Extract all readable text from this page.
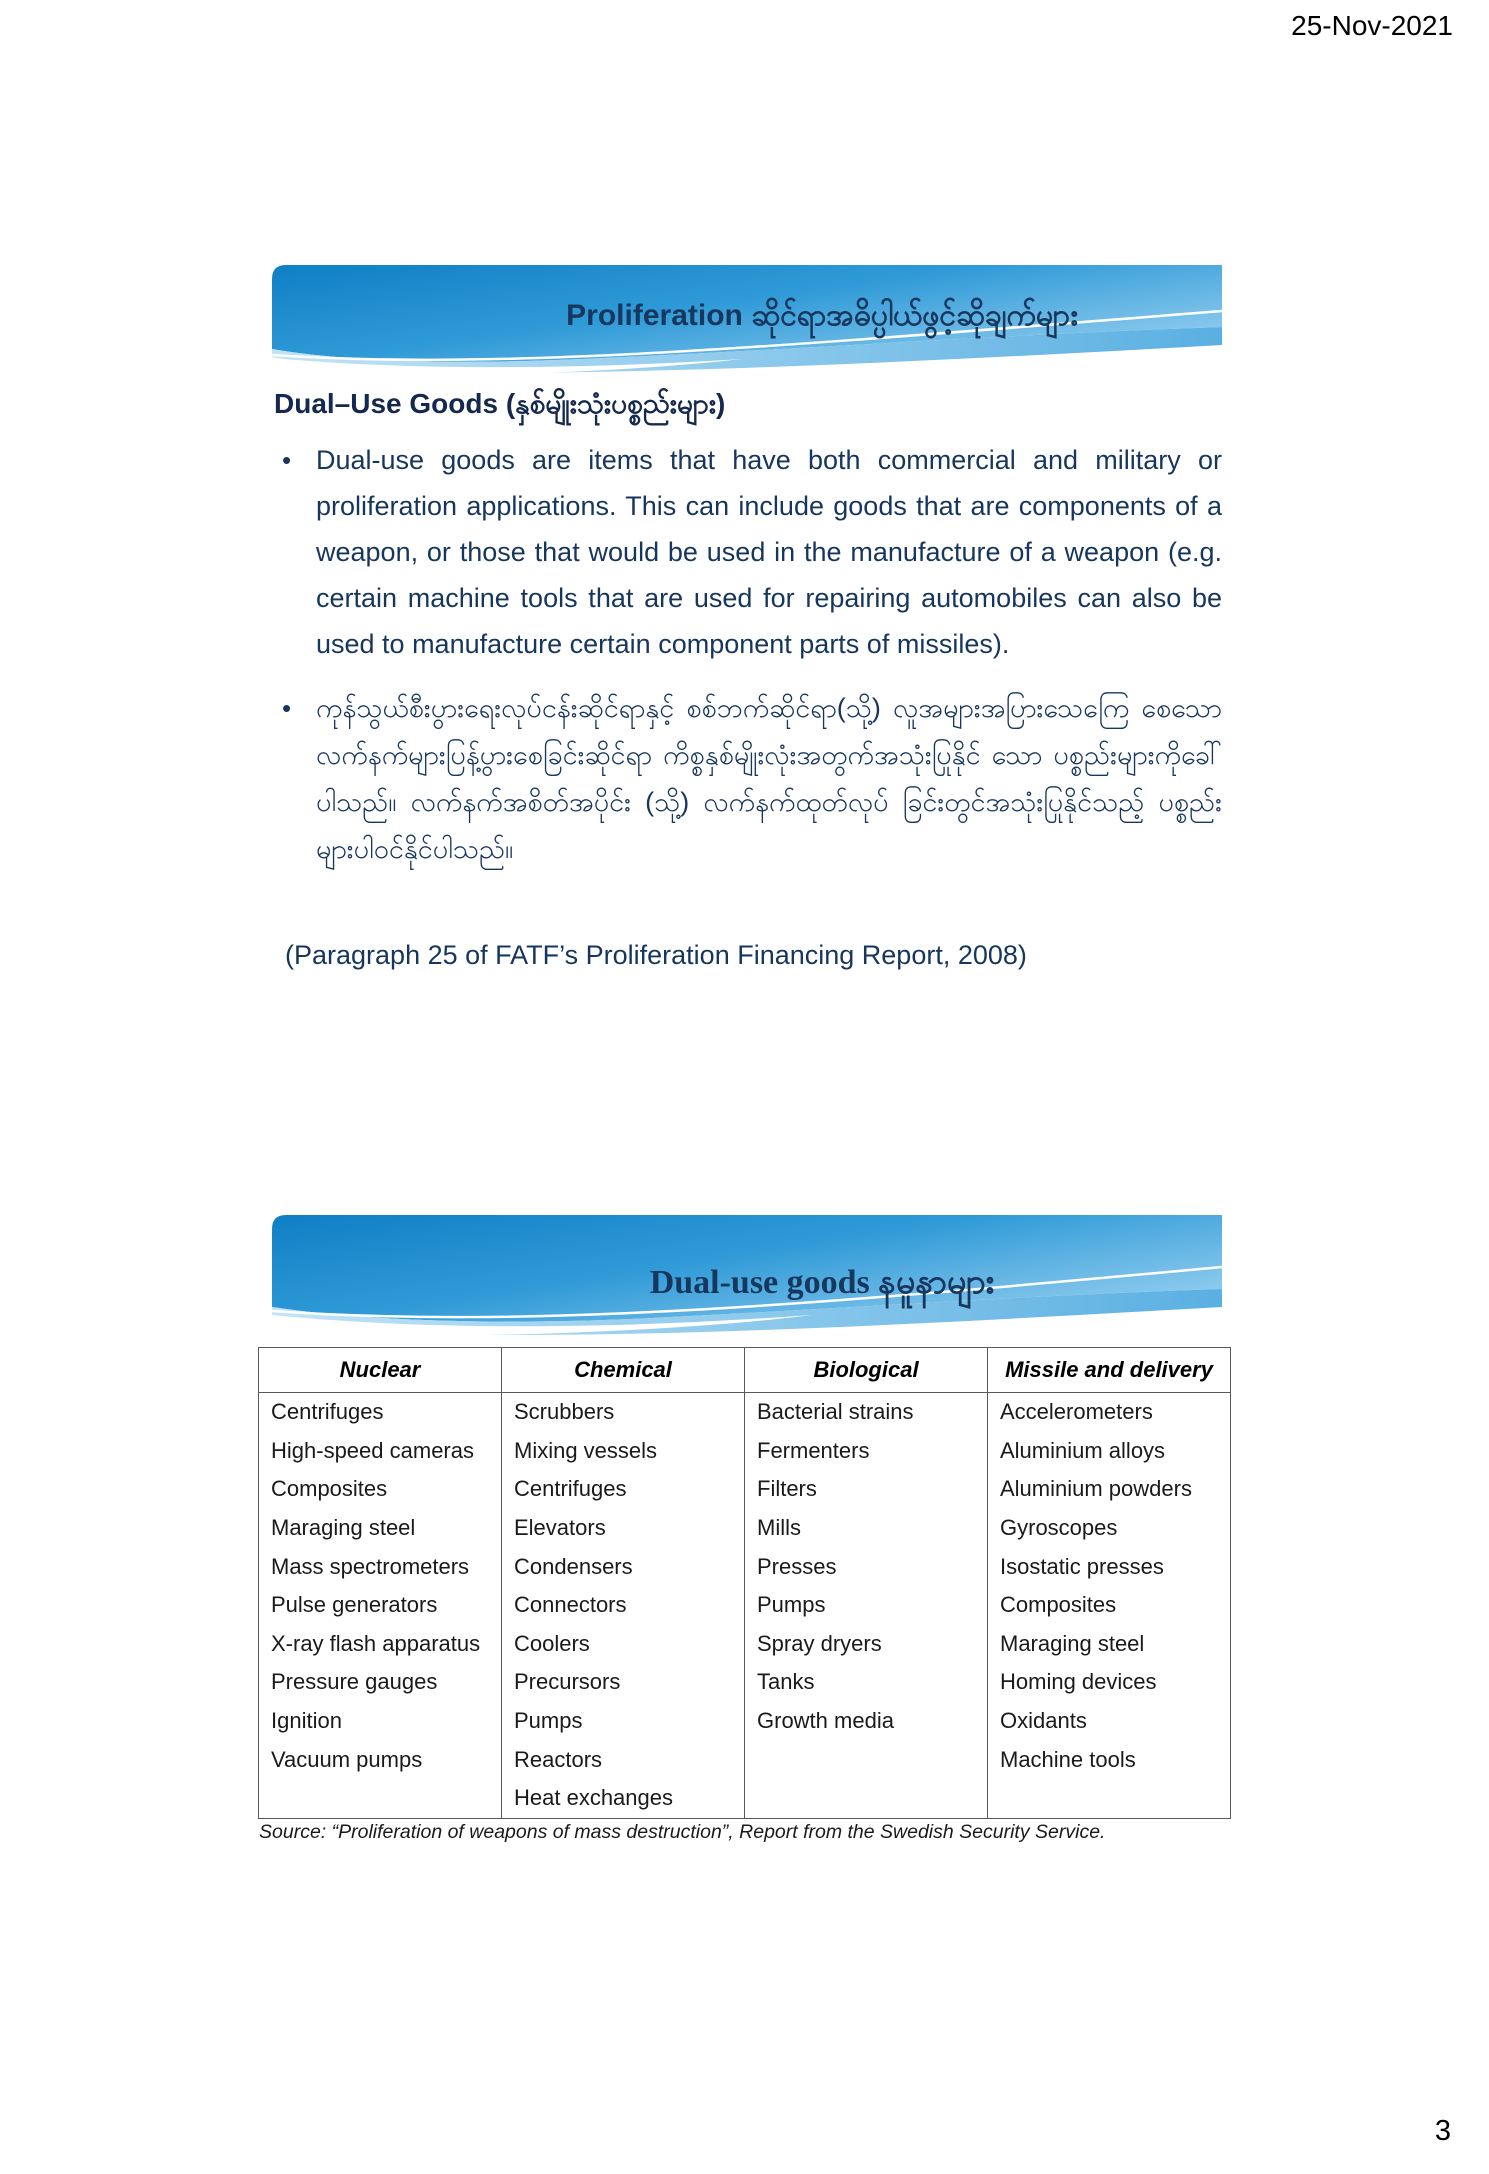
25-Nov-2021
Proliferation ဆိုင်ရာအဓိပ္ပါယ်ဖွင့်ဆိုချက်များ
Dual–Use Goods (နှစ်မျိုးသုံးပစ္စည်းများ)
• Dual-use goods are items that have both commercial and military or proliferation applications. This can include goods that are components of a weapon, or those that would be used in the manufacture of a weapon (e.g. certain machine tools that are used for repairing automobiles can also be used to manufacture certain component parts of missiles).
• ကုန်သွယ်စီးပွားရေးလုပ်ငန်းဆိုင်ရာနှင့် စစ်ဘက်ဆိုင်ရာ(သို့) လူအများအပြားသေကြေ စေသော လက်နက်များပြန့်ပွားစေခြင်းဆိုင်ရာ ကိစ္စနှစ်မျိုးလုံးအတွက်အသုံးပြုနိုင် သော ပစ္စည်းများကိုခေါ်ပါသည်။ လက်နက်အစိတ်အပိုင်း (သို့) လက်နက်ထုတ်လုပ် ခြင်းတွင်အသုံးပြုနိုင်သည့် ပစ္စည်းများပါဝင်နိုင်ပါသည်။
(Paragraph 25 of FATF’s Proliferation Financing Report, 2008)
Dual-use goods နမူနာများ
Nuclear	Chemical	Biological	Missile and delivery
Centrifuges	Scrubbers	Bacterial strains	Accelerometers
High-speed cameras	Mixing vessels	Fermenters	Aluminium alloys
Composites	Centrifuges	Filters	Aluminium powders
Maraging steel	Elevators	Mills	Gyroscopes
Mass spectrometers	Condensers	Presses	Isostatic presses
Pulse generators	Connectors	Pumps	Composites
X-ray flash apparatus	Coolers	Spray dryers	Maraging steel
Pressure gauges	Precursors	Tanks	Homing devices
Ignition	Pumps	Growth media	Oxidants
Vacuum pumps	Reactors		Machine tools
	Heat exchanges		
Source: “Proliferation of weapons of mass destruction”, Report from the Swedish Security Service.
3
